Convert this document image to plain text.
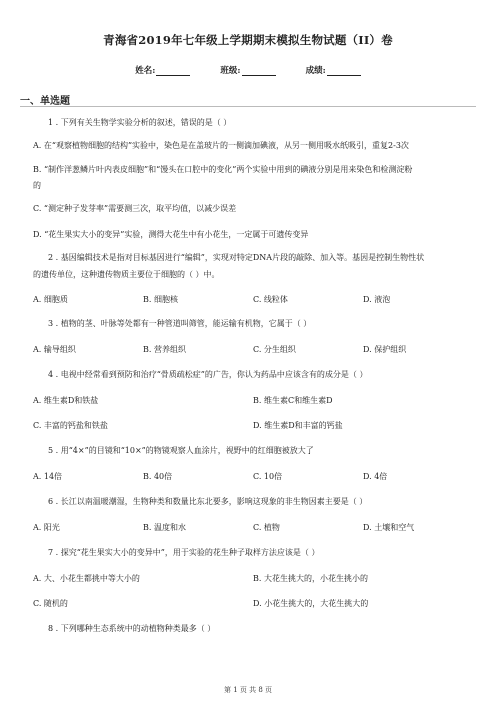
青海省2019年七年级上学期期末模拟生物试题（II）卷
姓名:	班级:	成绩:
一、单选题
1 . 下列有关生物学实验分析的叙述，错误的是（ ）
A. 在“观察植物细胞的结构”实验中，染色是在盖玻片的一侧滴加碘液，从另一侧用吸水纸吸引，重复2-3次
B. “制作洋葱鳞片叶内表皮细胞”和“馒头在口腔中的变化”两个实验中用到的碘液分别是用来染色和检测淀粉
的
C. “测定种子发芽率”需要测三次，取平均值，以减少误差
D. “花生果实大小的变异”实验，测得大花生中有小花生，一定属于可遗传变异
2 . 基因编辑技术是指对目标基因进行“编辑”，实现对特定DNA片段的敲除、加入等。基因是控制生物性状
的遗传单位，这种遗传物质主要位于细胞的（ ）中。
A. 细胞质	B. 细胞核	C. 线粒体	D. 液泡
3 . 植物的茎、叶脉等处都有一种管道叫筛管，能运输有机物，它属于（ ）
A. 输导组织	B. 营养组织	C. 分生组织	D. 保护组织
4 . 电视中经常看到预防和治疗“骨质疏松症”的广告，你认为药品中应该含有的成分是（ ）
A. 维生素D和铁盐	B. 维生素C和维生素D
C. 丰富的钙盐和铁盐	D. 维生素D和丰富的钙盐
5 . 用“4×”的目镜和“10×”的物镜观察人血涂片，视野中的红细胞被放大了
A. 14倍	B. 40倍	C. 10倍	D. 4倍
6 . 长江以南温暖潮湿，生物种类和数量比东北要多，影响这现象的非生物因素主要是（ ）
A. 阳光	B. 温度和水	C. 植物	D. 土壤和空气
7 . 探究“花生果实大小的变异中”，用于实验的花生种子取样方法应该是（ ）
A. 大、小花生都挑中等大小的	B. 大花生挑大的，小花生挑小的
C. 随机的	D. 小花生挑大的，大花生挑大的
8 . 下列哪种生态系统中的动植物种类最多（ ）
第 1 页 共 8 页
